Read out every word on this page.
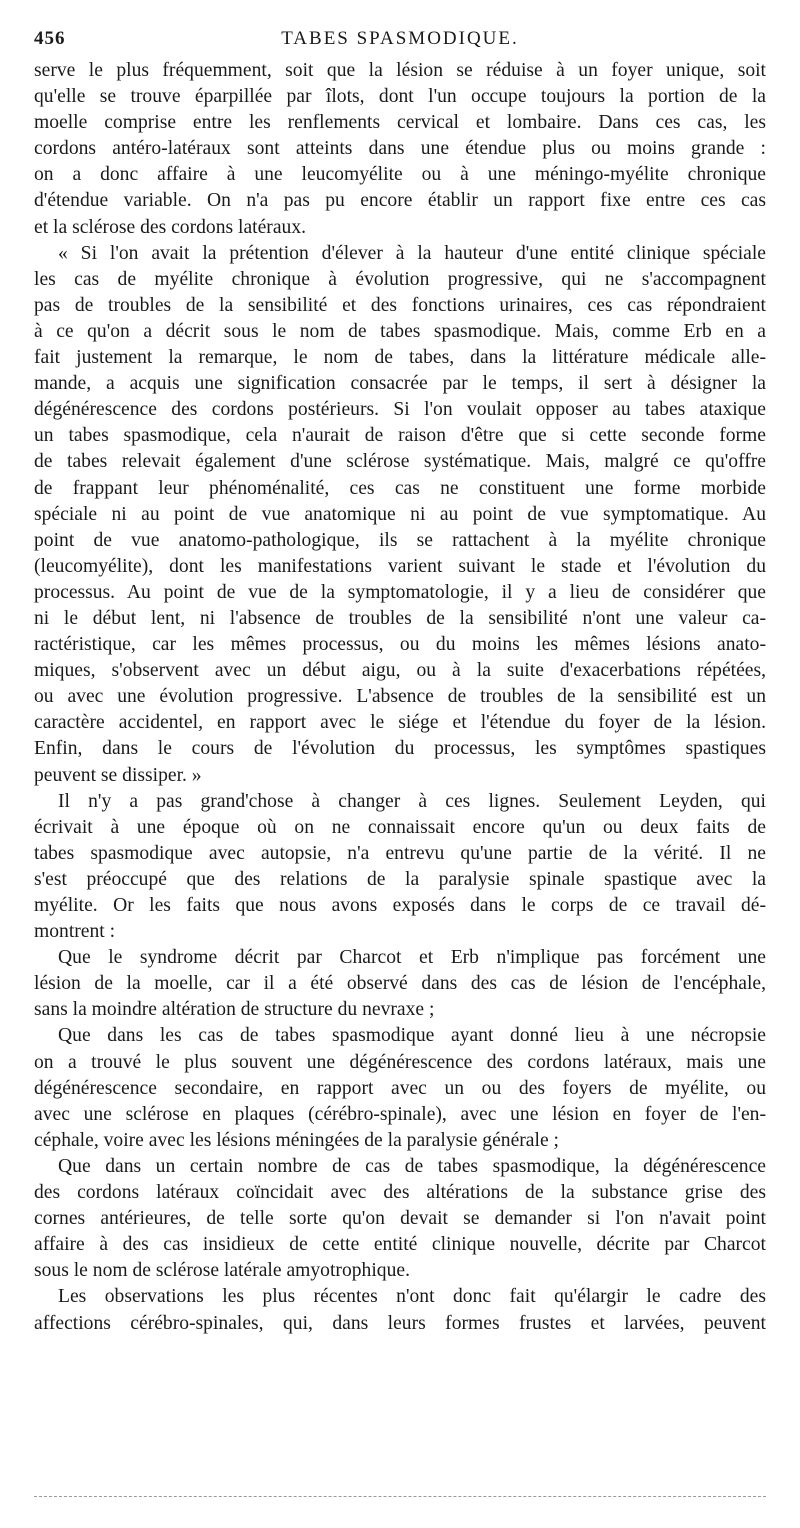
456	TABES SPASMODIQUE.
serve le plus fréquemment, soit que la lésion se réduise à un foyer unique, soit
qu'elle se trouve éparpillée par îlots, dont l'un occupe toujours la portion de la
moelle comprise entre les renflements cervical et lombaire. Dans ces cas, les
cordons antéro-latéraux sont atteints dans une étendue plus ou moins grande :
on a donc affaire à une leucomyélite ou à une méningo-myélite chronique
d'étendue variable. On n'a pas pu encore établir un rapport fixe entre ces cas
et la sclérose des cordons latéraux.
« Si l'on avait la prétention d'élever à la hauteur d'une entité clinique spéciale
les cas de myélite chronique à évolution progressive, qui ne s'accompagnent
pas de troubles de la sensibilité et des fonctions urinaires, ces cas répondraient
à ce qu'on a décrit sous le nom de tabes spasmodique. Mais, comme Erb en a
fait justement la remarque, le nom de tabes, dans la littérature médicale alle-
mande, a acquis une signification consacrée par le temps, il sert à désigner la
dégénérescence des cordons postérieurs. Si l'on voulait opposer au tabes ataxique
un tabes spasmodique, cela n'aurait de raison d'être que si cette seconde forme
de tabes relevait également d'une sclérose systématique. Mais, malgré ce qu'offre
de frappant leur phénoménalité, ces cas ne constituent une forme morbide
spéciale ni au point de vue anatomique ni au point de vue symptomatique. Au
point de vue anatomo-pathologique, ils se rattachent à la myélite chronique
(leucomyélite), dont les manifestations varient suivant le stade et l'évolution du
processus. Au point de vue de la symptomatologie, il y a lieu de considérer que
ni le début lent, ni l'absence de troubles de la sensibilité n'ont une valeur ca-
ractéristique, car les mêmes processus, ou du moins les mêmes lésions anato-
miques, s'observent avec un début aigu, ou à la suite d'exacerbations répétées,
ou avec une évolution progressive. L'absence de troubles de la sensibilité est un
caractère accidentel, en rapport avec le siége et l'étendue du foyer de la lésion.
Enfin, dans le cours de l'évolution du processus, les symptômes spastiques
peuvent se dissiper. »
Il n'y a pas grand'chose à changer à ces lignes. Seulement Leyden, qui
écrivait à une époque où on ne connaissait encore qu'un ou deux faits de
tabes spasmodique avec autopsie, n'a entrevu qu'une partie de la vérité. Il ne
s'est préoccupé que des relations de la paralysie spinale spastique avec la
myélite. Or les faits que nous avons exposés dans le corps de ce travail dé-
montrent :
Que le syndrome décrit par Charcot et Erb n'implique pas forcément une
lésion de la moelle, car il a été observé dans des cas de lésion de l'encéphale,
sans la moindre altération de structure du nevraxe ;
Que dans les cas de tabes spasmodique ayant donné lieu à une nécropsie
on a trouvé le plus souvent une dégénérescence des cordons latéraux, mais une
dégénérescence secondaire, en rapport avec un ou des foyers de myélite, ou
avec une sclérose en plaques (cérébro-spinale), avec une lésion en foyer de l'en-
céphale, voire avec les lésions méningées de la paralysie générale ;
Que dans un certain nombre de cas de tabes spasmodique, la dégénérescence
des cordons latéraux coïncidait avec des altérations de la substance grise des
cornes antérieures, de telle sorte qu'on devait se demander si l'on n'avait point
affaire à des cas insidieux de cette entité clinique nouvelle, décrite par Charcot
sous le nom de sclérose latérale amyotrophique.
Les observations les plus récentes n'ont donc fait qu'élargir le cadre des
affections cérébro-spinales, qui, dans leurs formes frustes et larvées, peuvent
